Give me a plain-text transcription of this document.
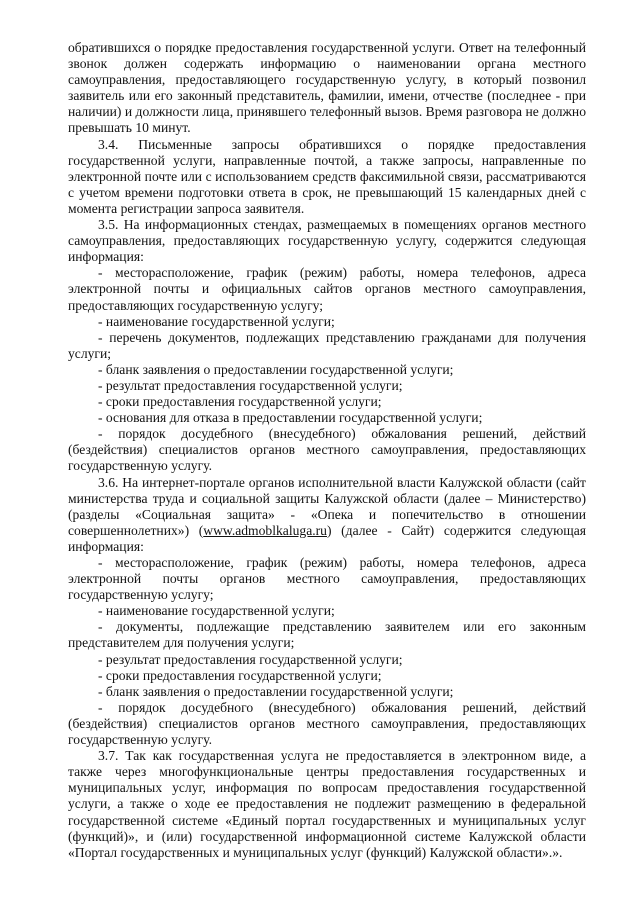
обратившихся о порядке предоставления государственной услуги. Ответ на телефонный звонок должен содержать информацию о наименовании органа местного самоуправления, предоставляющего государственную услугу, в который позвонил заявитель или его законный представитель, фамилии, имени, отчестве (последнее - при наличии) и должности лица, принявшего телефонный вызов. Время разговора не должно превышать 10 минут.

3.4. Письменные запросы обратившихся о порядке предоставления государственной услуги, направленные почтой, а также запросы, направленные по электронной почте или с использованием средств факсимильной связи, рассматриваются с учетом времени подготовки ответа в срок, не превышающий 15 календарных дней с момента регистрации запроса заявителя.

3.5. На информационных стендах, размещаемых в помещениях органов местного самоуправления, предоставляющих государственную услугу, содержится следующая информация:

- месторасположение, график (режим) работы, номера телефонов, адреса электронной почты и официальных сайтов органов местного самоуправления, предоставляющих государственную услугу;

- наименование государственной услуги;

- перечень документов, подлежащих представлению гражданами для получения услуги;

- бланк заявления о предоставлении государственной услуги;

- результат предоставления государственной услуги;

- сроки предоставления государственной услуги;

- основания для отказа в предоставлении государственной услуги;

- порядок досудебного (внесудебного) обжалования решений, действий (бездействия) специалистов органов местного самоуправления, предоставляющих государственную услугу.

3.6. На интернет-портале органов исполнительной власти Калужской области (сайт министерства труда и социальной защиты Калужской области (далее – Министерство) (разделы «Социальная защита» - «Опека и попечительство в отношении совершеннолетних») (www.admoblkaluga.ru) (далее - Сайт) содержится следующая информация:

- месторасположение, график (режим) работы, номера телефонов, адреса электронной почты органов местного самоуправления, предоставляющих государственную услугу;

- наименование государственной услуги;

- документы, подлежащие представлению заявителем или его законным представителем для получения услуги;

- результат предоставления государственной услуги;

- сроки предоставления государственной услуги;

- бланк заявления о предоставлении государственной услуги;

- порядок досудебного (внесудебного) обжалования решений, действий (бездействия) специалистов органов местного самоуправления, предоставляющих государственную услугу.

3.7. Так как государственная услуга не предоставляется в электронном виде, а также через многофункциональные центры предоставления государственных и муниципальных услуг, информация по вопросам предоставления государственной услуги, а также о ходе ее предоставления не подлежит размещению в федеральной государственной системе «Единый портал государственных и муниципальных услуг (функций)», и (или) государственной информационной системе Калужской области «Портал государственных и муниципальных услуг (функций) Калужской области».».
